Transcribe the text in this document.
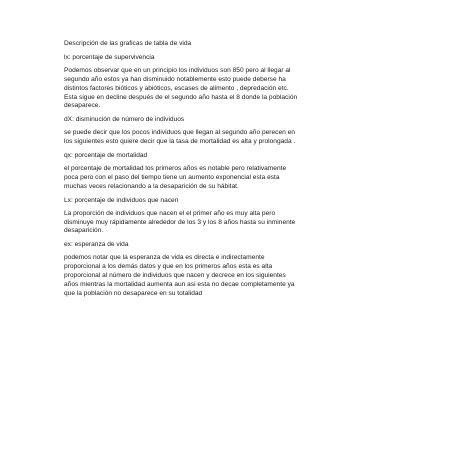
Descripción de las graficas de tabla de vida

lx: porcentaje de supervivencia

Podemos observar que en un principio los individuos son 850 pero al llegar al
segundo año estos ya han disminuido notablemente esto puede deberse ha
distintos factores bióticos y abióticos, escases de alimento , depredación etc.
Esta sigue en decline después de el segundo año hasta el 8 donde la población
desaparece.

dX: disminución de número de individuos

se puede decir que los pocos individuos que llegan al segundo año perecen en
los siguientes esto quiere decir que la tasa de mortalidad es alta y prolongada .

qx: porcentaje de mortalidad

el porcentaje de mortalidad los primeros años es notable pero relativamente
poca pero con el paso del tiempo tiene un aumento exponencial esta esta
muchas veces relacionando a la desaparición de su hábitat.

Lx: porcentaje de individuos que nacen

La proporción de individuos que nacen el el primer año es muy alta pero
disminuye muy rápidamente alrededor de los 3 y los 8 años hasta su inminente
desaparición.

ex: esperanza de vida

podemos notar que la esperanza de vida es directa e indirectamente
proporcional a los demás datos y que en los primeros años esta es alta
proporcional al número de individuos que nacen y decrece en los siguientes
años mientras la mortalidad aumenta aun asi esta no decae completamente ya
que la población no desaparece en su totalidad
